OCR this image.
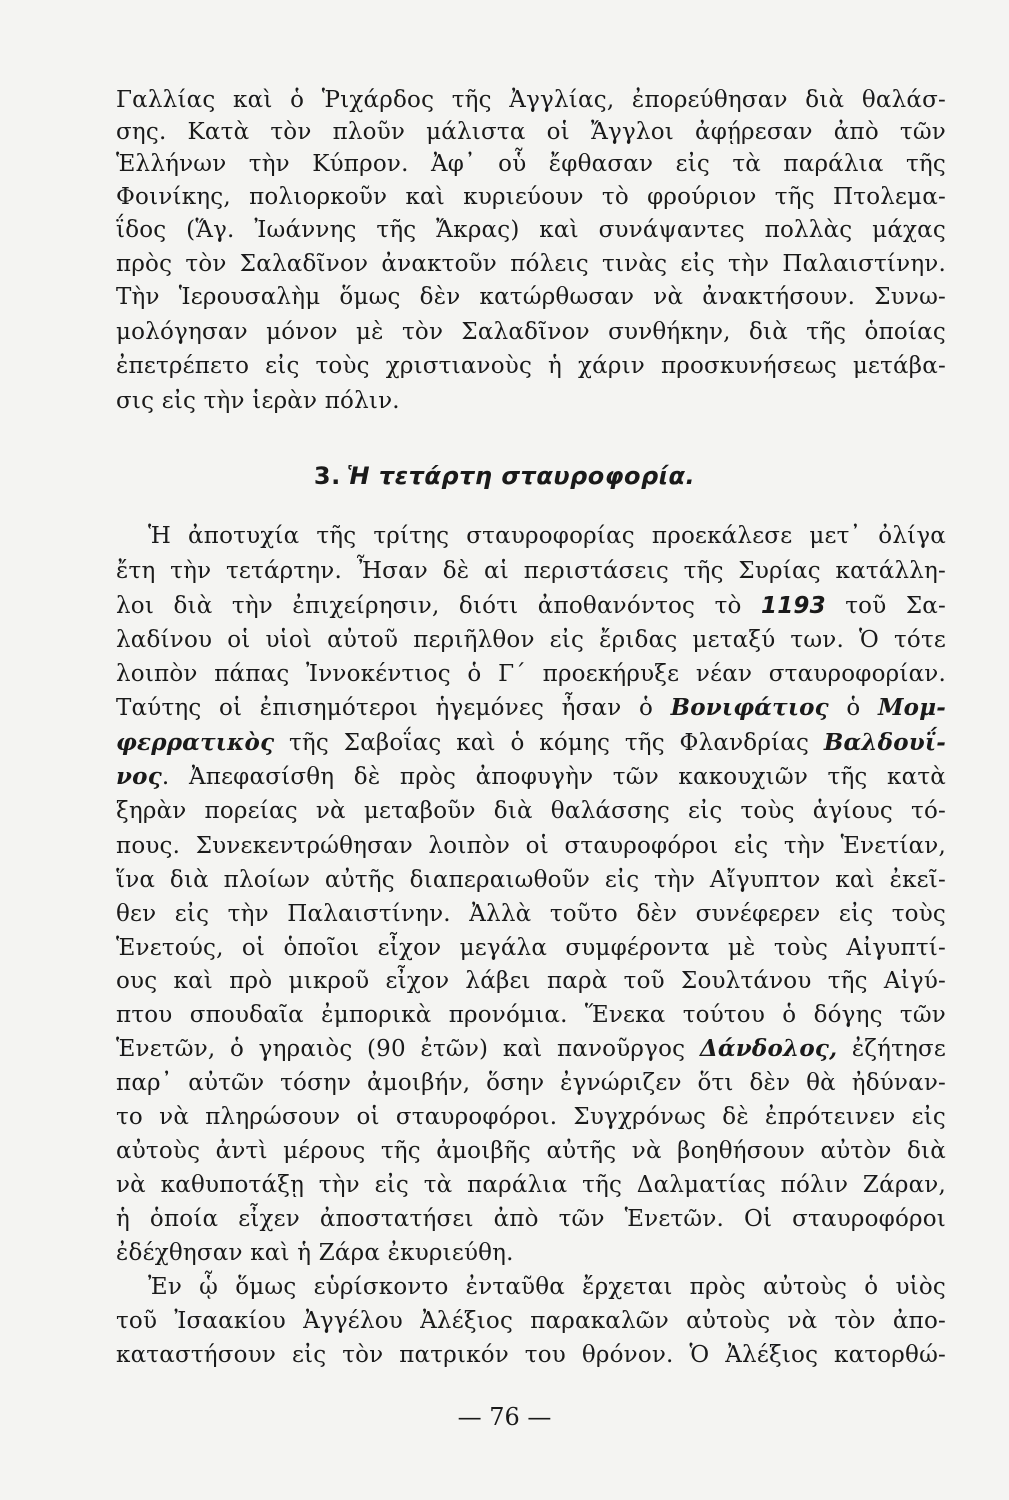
Γαλλίας καὶ ὁ Ῥιχάρδος τῆς Ἀγγλίας, ἐπορεύθησαν διὰ θαλάσ-
σης. Κατὰ τὸν πλοῦν μάλιστα οἱ Ἄγγλοι ἀφῄρεσαν ἀπὸ τῶν
Ἑλλήνων τὴν Κύπρον. Ἀφ᾿ οὗ ἔφθασαν εἰς τὰ παράλια τῆς
Φοινίκης, πολιορκοῦν καὶ κυριεύουν τὸ φρούριον τῆς Πτολεμα-
ΐδος (Ἅγ. Ἰωάννης τῆς Ἄκρας) καὶ συνάψαντες πολλὰς μάχας
πρὸς τὸν Σαλαδῖνον ἀνακτοῦν πόλεις τινὰς εἰς τὴν Παλαιστίνην.
Τὴν Ἱερουσαλὴμ ὅμως δὲν κατώρθωσαν νὰ ἀνακτήσουν. Συνω-
μολόγησαν μόνον μὲ τὸν Σαλαδῖνον συνθήκην, διὰ τῆς ὁποίας
ἐπετρέπετο εἰς τοὺς χριστιανοὺς ἡ χάριν προσκυνήσεως μετάβα-
σις εἰς τὴν ἱερὰν πόλιν.
3. Ἡ τετάρτη σταυροφορία.
Ἡ ἀποτυχία τῆς τρίτης σταυροφορίας προεκάλεσε μετ᾿ ὀλίγα
ἔτη τὴν τετάρτην. Ἦσαν δὲ αἱ περιστάσεις τῆς Συρίας κατάλλη-
λοι διὰ τὴν ἐπιχείρησιν, διότι ἀποθανόντος τὸ 1193 τοῦ Σα-
λαδίνου οἱ υἱοὶ αὐτοῦ περιῆλθον εἰς ἔριδας μεταξύ των. Ὁ τότε
λοιπὸν πάπας Ἰννοκέντιος ὁ Γ´ προεκήρυξε νέαν σταυροφορίαν.
Ταύτης οἱ ἐπισημότεροι ἡγεμόνες ἦσαν ὁ Βονιφάτιος ὁ Μομ-
φερρατικὸς τῆς Σαβοΐας καὶ ὁ κόμης τῆς Φλανδρίας Βαλδουΐ-
νος. Ἀπεφασίσθη δὲ πρὸς ἀποφυγὴν τῶν κακουχιῶν τῆς κατὰ
ξηρὰν πορείας νὰ μεταβοῦν διὰ θαλάσσης εἰς τοὺς ἁγίους τό-
πους. Συνεκεντρώθησαν λοιπὸν οἱ σταυροφόροι εἰς τὴν Ἑνετίαν,
ἵνα διὰ πλοίων αὐτῆς διαπεραιωθοῦν εἰς τὴν Αἴγυπτον καὶ ἐκεῖ-
θεν εἰς τὴν Παλαιστίνην. Ἀλλὰ τοῦτο δὲν συνέφερεν εἰς τοὺς
Ἑνετούς, οἱ ὁποῖοι εἶχον μεγάλα συμφέροντα μὲ τοὺς Αἰγυπτί-
ους καὶ πρὸ μικροῦ εἶχον λάβει παρὰ τοῦ Σουλτάνου τῆς Αἰγύ-
πτου σπουδαῖα ἐμπορικὰ προνόμια. Ἕνεκα τούτου ὁ δόγης τῶν
Ἑνετῶν, ὁ γηραιὸς (90 ἐτῶν) καὶ πανοῦργος Δάνδολος, ἐζήτησε
παρ᾿ αὐτῶν τόσην ἀμοιβήν, ὅσην ἐγνώριζεν ὅτι δὲν θὰ ἠδύναν-
το νὰ πληρώσουν οἱ σταυροφόροι. Συγχρόνως δὲ ἐπρότεινεν εἰς
αὐτοὺς ἀντὶ μέρους τῆς ἀμοιβῆς αὐτῆς νὰ βοηθήσουν αὐτὸν διὰ
νὰ καθυποτάξῃ τὴν εἰς τὰ παράλια τῆς Δαλματίας πόλιν Ζάραν,
ἡ ὁποία εἶχεν ἀποστατήσει ἀπὸ τῶν Ἑνετῶν. Οἱ σταυροφόροι
ἐδέχθησαν καὶ ἡ Ζάρα ἐκυριεύθη.
Ἐν ᾧ ὅμως εὑρίσκοντο ἐνταῦθα ἔρχεται πρὸς αὐτοὺς ὁ υἱὸς
τοῦ Ἰσαακίου Ἀγγέλου Ἀλέξιος παρακαλῶν αὐτοὺς νὰ τὸν ἀπο-
καταστήσουν εἰς τὸν πατρικόν του θρόνον. Ὁ Ἀλέξιος κατορθώ-
— 76 —
